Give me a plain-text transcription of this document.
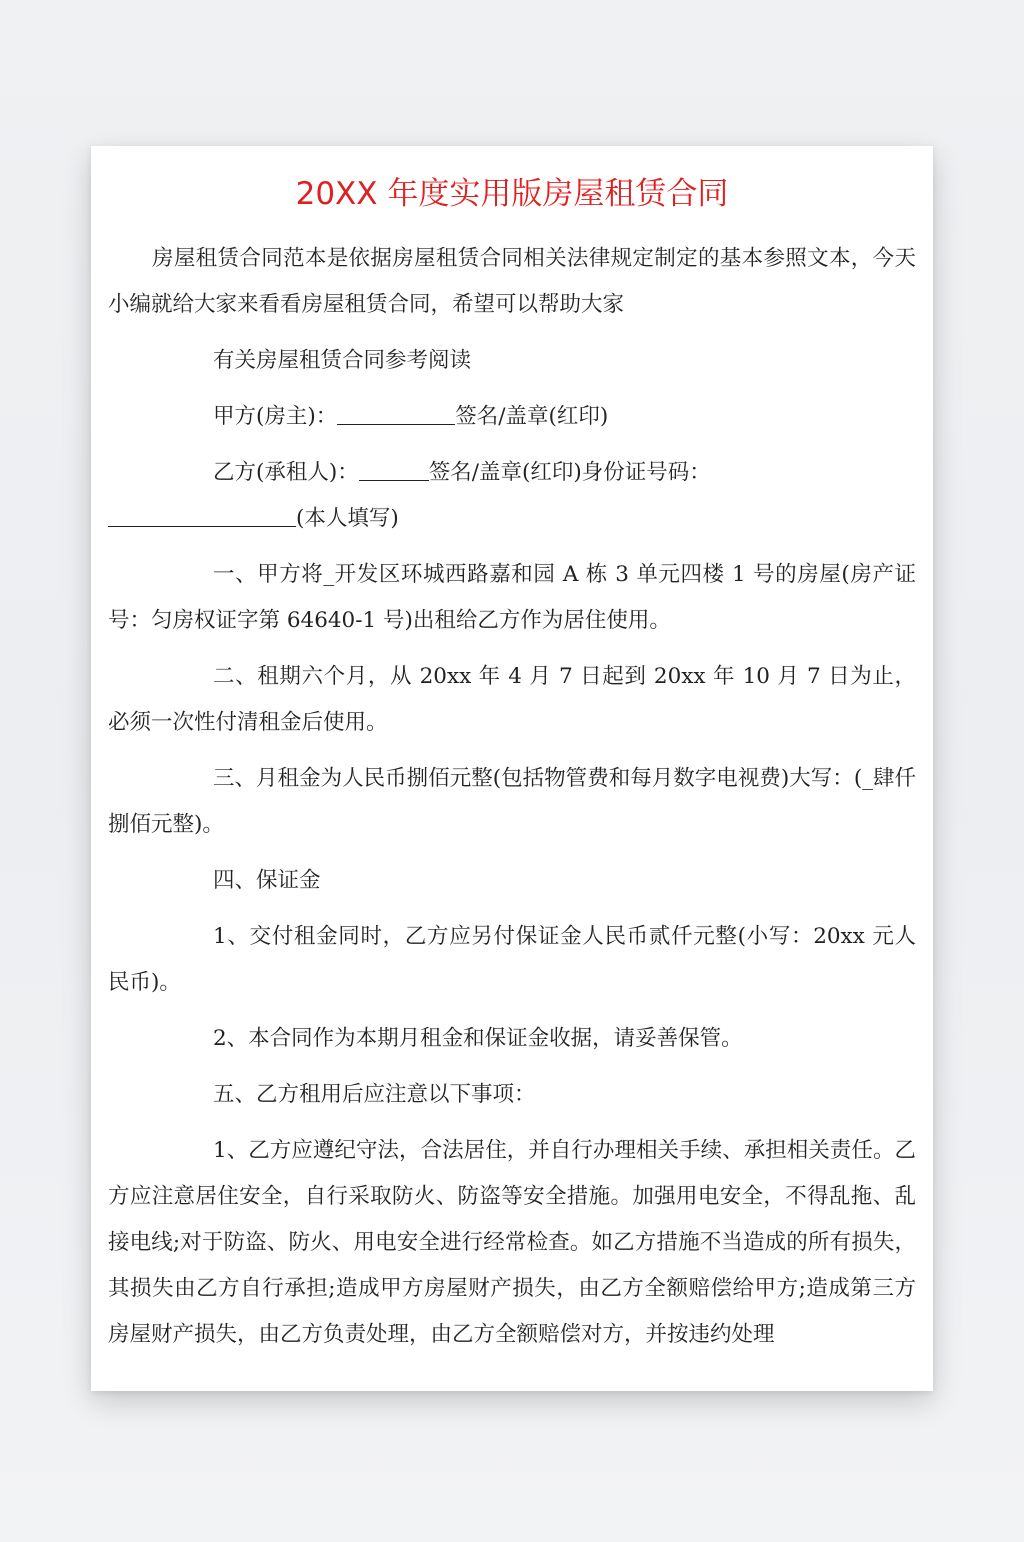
20XX 年度实用版房屋租赁合同

房屋租赁合同范本是依据房屋租赁合同相关法律规定制定的基本参照文本，今天小编就给大家来看看房屋租赁合同，希望可以帮助大家

有关房屋租赁合同参考阅读

甲方(房主)：	签名/盖章(红印)

乙方(承租人)：	签名/盖章(红印)身份证号码：
(本人填写)

一、甲方将_开发区环城西路嘉和园 A 栋 3 单元四楼 1 号的房屋(房产证号：匀房权证字第 64640-1 号)出租给乙方作为居住使用。

二、租期六个月，从 20xx 年 4 月 7 日起到 20xx 年 10 月 7 日为止，必须一次性付清租金后使用。

三、月租金为人民币捌佰元整(包括物管费和每月数字电视费)大写：(_肆仟捌佰元整)。

四、保证金

1、交付租金同时，乙方应另付保证金人民币贰仟元整(小写：20xx 元人民币)。

2、本合同作为本期月租金和保证金收据，请妥善保管。

五、乙方租用后应注意以下事项：

1、乙方应遵纪守法，合法居住，并自行办理相关手续、承担相关责任。乙方应注意居住安全，自行采取防火、防盗等安全措施。加强用电安全，不得乱拖、乱接电线;对于防盗、防火、用电安全进行经常检查。如乙方措施不当造成的所有损失，其损失由乙方自行承担;造成甲方房屋财产损失，由乙方全额赔偿给甲方;造成第三方房屋财产损失，由乙方负责处理，由乙方全额赔偿对方，并按违约处理
